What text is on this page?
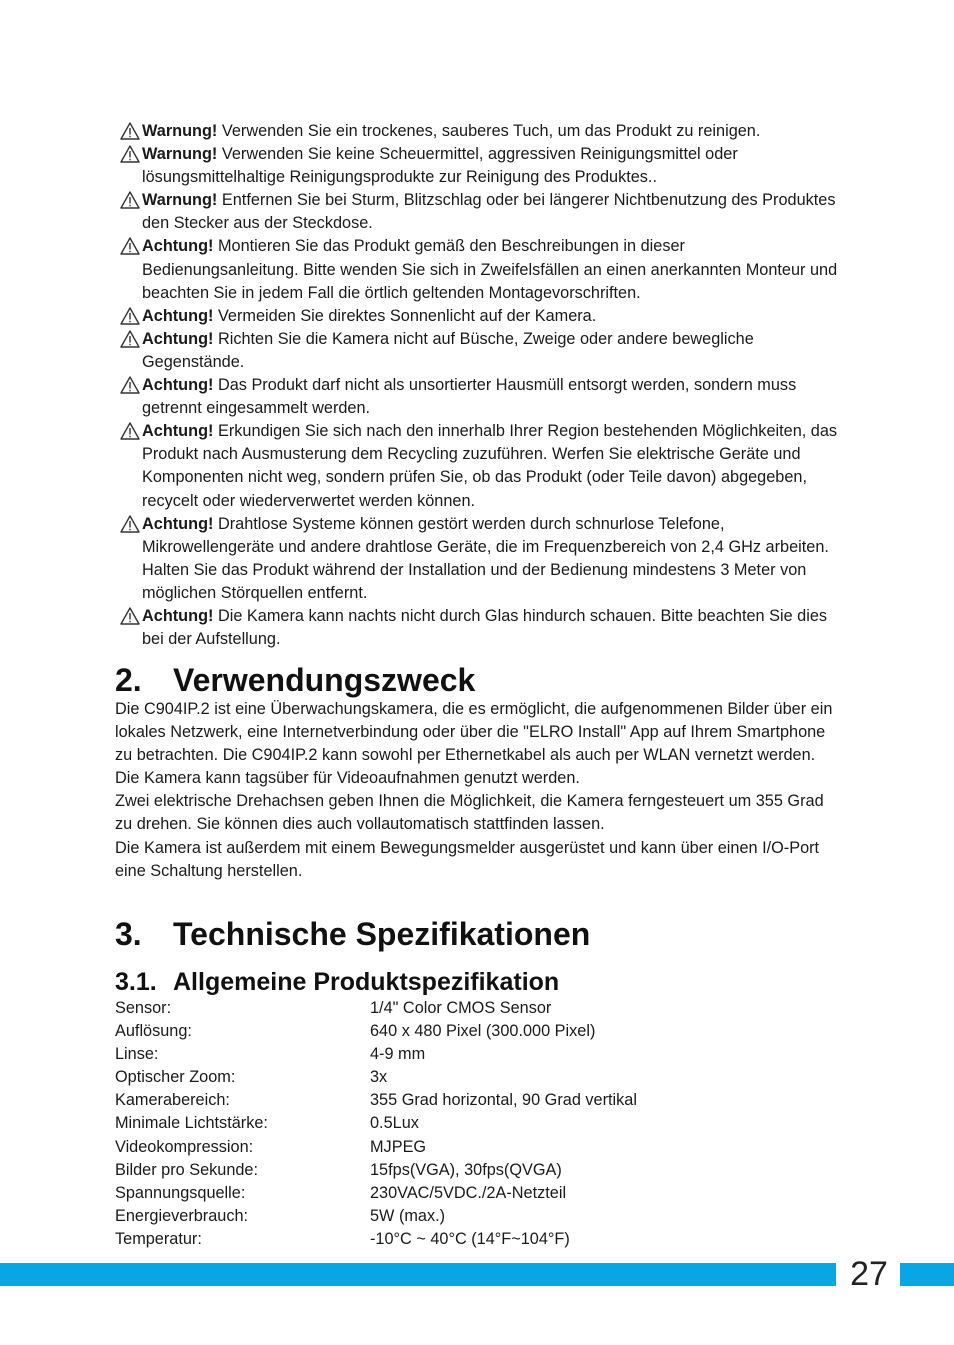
Warnung! Verwenden Sie ein trockenes, sauberes Tuch, um das Produkt zu reinigen.
Warnung! Verwenden Sie keine Scheuermittel, aggressiven Reinigungsmittel oder lösungsmittelhaltige Reinigungsprodukte zur Reinigung des Produktes..
Warnung! Entfernen Sie bei Sturm, Blitzschlag oder bei längerer Nichtbenutzung des Produktes den Stecker aus der Steckdose.
Achtung! Montieren Sie das Produkt gemäß den Beschreibungen in dieser Bedienungsanleitung. Bitte wenden Sie sich in Zweifelsfällen an einen anerkannten Monteur und beachten Sie in jedem Fall die örtlich geltenden Montagevorschriften.
Achtung! Vermeiden Sie direktes Sonnenlicht auf der Kamera.
Achtung! Richten Sie die Kamera nicht auf Büsche, Zweige oder andere bewegliche Gegenstände.
Achtung! Das Produkt darf nicht als unsortierter Hausmüll entsorgt werden, sondern muss getrennt eingesammelt werden.
Achtung! Erkundigen Sie sich nach den innerhalb Ihrer Region bestehenden Möglichkeiten, das Produkt nach Ausmusterung dem Recycling zuzuführen. Werfen Sie elektrische Geräte und Komponenten nicht weg, sondern prüfen Sie, ob das Produkt (oder Teile davon) abgegeben, recycelt oder wiederverwertet werden können.
Achtung! Drahtlose Systeme können gestört werden durch schnurlose Telefone, Mikrowellengeräte und andere drahtlose Geräte, die im Frequenzbereich von 2,4 GHz arbeiten. Halten Sie das Produkt während der Installation und der Bedienung mindestens 3 Meter von möglichen Störquellen entfernt.
Achtung! Die Kamera kann nachts nicht durch Glas hindurch schauen. Bitte beachten Sie dies bei der Aufstellung.
2. Verwendungszweck

Die C904IP.2 ist eine Überwachungskamera, die es ermöglicht, die aufgenommenen Bilder über ein lokales Netzwerk, eine Internetverbindung oder über die "ELRO Install" App auf Ihrem Smartphone zu betrachten. Die C904IP.2 kann sowohl per Ethernetkabel als auch per WLAN vernetzt werden.

Die Kamera kann tagsüber für Videoaufnahmen genutzt werden.

Zwei elektrische Drehachsen geben Ihnen die Möglichkeit, die Kamera ferngesteuert um 355 Grad zu drehen. Sie können dies auch vollautomatisch stattfinden lassen.

Die Kamera ist außerdem mit einem Bewegungsmelder ausgerüstet und kann über einen I/O-Port eine Schaltung herstellen.

3. Technische Spezifikationen
3.1. Allgemeine Produktspezifikation
Sensor:	1/4" Color CMOS Sensor
Auflösung:	640 x 480 Pixel (300.000 Pixel)
Linse:	4-9 mm
Optischer Zoom:	3x
Kamerabereich:	355 Grad horizontal, 90 Grad vertikal
Minimale Lichtstärke:	0.5Lux
Videokompression:	MJPEG
Bilder pro Sekunde:	15fps(VGA), 30fps(QVGA)
Spannungsquelle:	230VAC/5VDC./2A-Netzteil
Energieverbrauch:	5W (max.)
Temperatur:	-10°C ~ 40°C (14°F~104°F)
27
